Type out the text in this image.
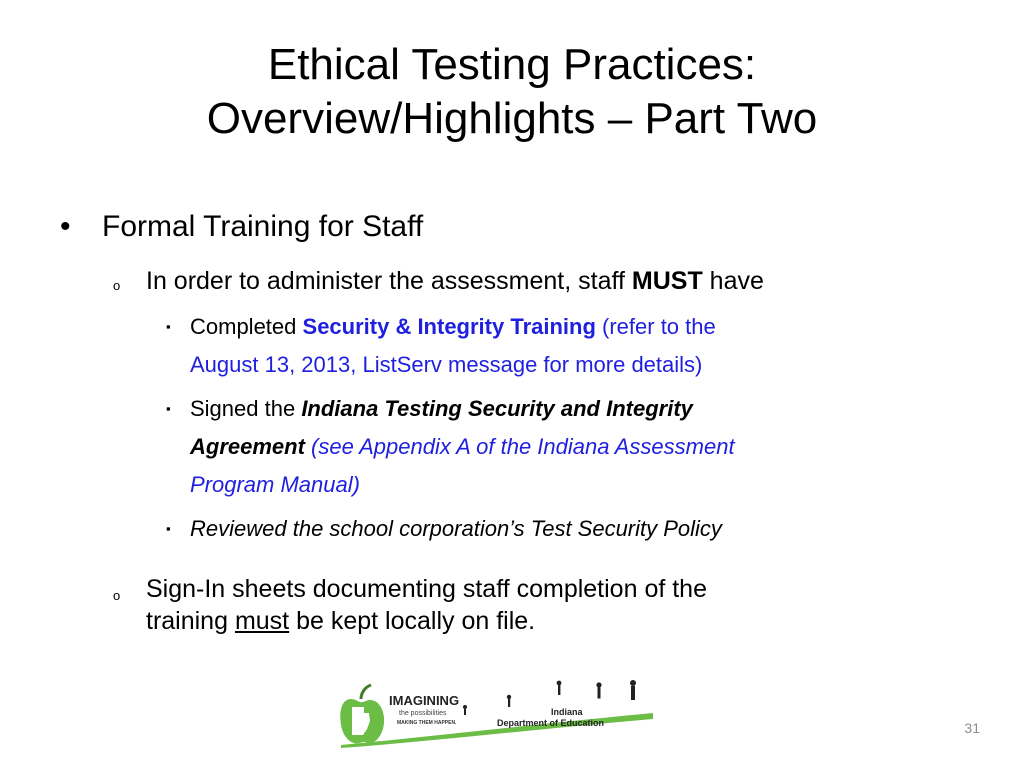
Ethical Testing Practices:
Overview/Highlights – Part Two
• Formal Training for Staff
o In order to administer the assessment, staff MUST have
▪ Completed Security & Integrity Training (refer to the
August 13, 2013, ListServ message for more details)
▪ Signed the Indiana Testing Security and Integrity
Agreement (see Appendix A of the Indiana Assessment
Program Manual)
▪ Reviewed the school corporation’s Test Security Policy
o Sign-In sheets documenting staff completion of the
training must be kept locally on file.
IMAGINING
the possibilities
MAKING THEM HAPPEN.
Indiana
Department of Education	31
